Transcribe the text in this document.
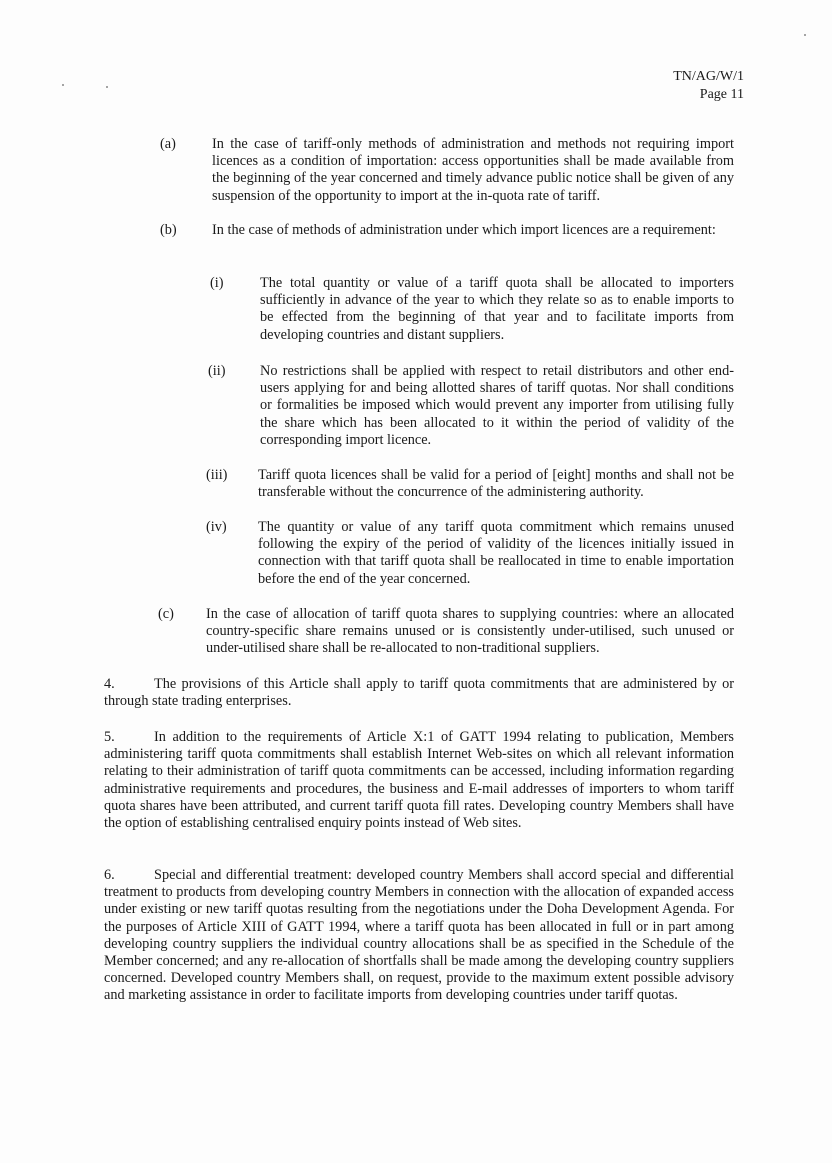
TN/AG/W/1
Page 11
(a)	In the case of tariff-only methods of administration and methods not requiring import licences as a condition of importation: access opportunities shall be made available from the beginning of the year concerned and timely advance public notice shall be given of any suspension of the opportunity to import at the in-quota rate of tariff.
(b) In the case of methods of administration under which import licences are a requirement:
(i)	The total quantity or value of a tariff quota shall be allocated to importers sufficiently in advance of the year to which they relate so as to enable imports to be effected from the beginning of that year and to facilitate imports from developing countries and distant suppliers.
(ii) No restrictions shall be applied with respect to retail distributors and other end-users applying for and being allotted shares of tariff quotas. Nor shall conditions or formalities be imposed which would prevent any importer from utilising fully the share which has been allocated to it within the period of validity of the corresponding import licence.
(iii) Tariff quota licences shall be valid for a period of [eight] months and shall not be transferable without the concurrence of the administering authority.
(iv) The quantity or value of any tariff quota commitment which remains unused following the expiry of the period of validity of the licences initially issued in connection with that tariff quota shall be reallocated in time to enable importation before the end of the year concerned.
(c) In the case of allocation of tariff quota shares to supplying countries: where an allocated country-specific share remains unused or is consistently under-utilised, such unused or under-utilised share shall be re-allocated to non-traditional suppliers.
4.	The provisions of this Article shall apply to tariff quota commitments that are administered by or through state trading enterprises.
5.	In addition to the requirements of Article X:1 of GATT 1994 relating to publication, Members administering tariff quota commitments shall establish Internet Web-sites on which all relevant information relating to their administration of tariff quota commitments can be accessed, including information regarding administrative requirements and procedures, the business and E-mail addresses of importers to whom tariff quota shares have been attributed, and current tariff quota fill rates. Developing country Members shall have the option of establishing centralised enquiry points instead of Web sites.
6.	Special and differential treatment: developed country Members shall accord special and differential treatment to products from developing country Members in connection with the allocation of expanded access under existing or new tariff quotas resulting from the negotiations under the Doha Development Agenda. For the purposes of Article XIII of GATT 1994, where a tariff quota has been allocated in full or in part among developing country suppliers the individual country allocations shall be as specified in the Schedule of the Member concerned; and any re-allocation of shortfalls shall be made among the developing country suppliers concerned. Developed country Members shall, on request, provide to the maximum extent possible advisory and marketing assistance in order to facilitate imports from developing countries under tariff quotas.
